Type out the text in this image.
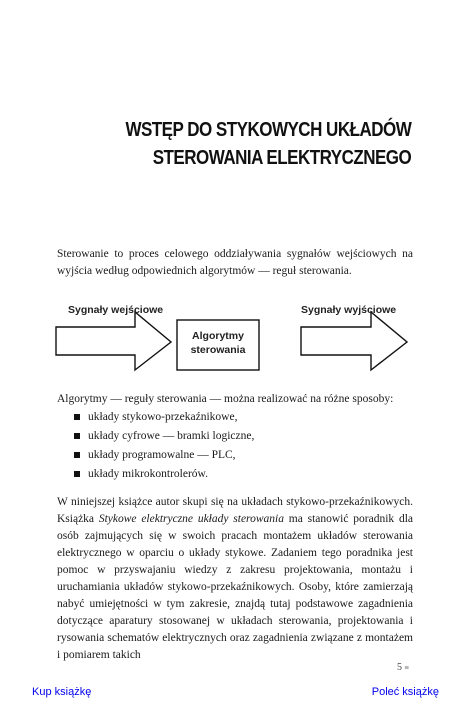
WSTĘP DO STYKOWYCH UKŁADÓW
STEROWANIA ELEKTRYCZNEGO
Sterowanie to proces celowego oddziaływania sygnałów wejściowych na wyjścia według odpowiednich algorytmów — reguł sterowania.
Sygnały wejściowe	Sygnały wyjściowe
Algorytmy
sterowania
Algorytmy — reguły sterowania — można realizować na różne sposoby:
układy stykowo-przekaźnikowe,
układy cyfrowe — bramki logiczne,
układy programowalne — PLC,
układy mikrokontrolerów.

W niniejszej książce autor skupi się na układach stykowo-przekaźnikowych. Książka Stykowe elektryczne układy sterowania ma stanowić poradnik dla osób zajmujących się w swoich pracach montażem układów sterowania elektrycznego w oparciu o układy stykowe. Zadaniem tego poradnika jest pomoc w przyswajaniu wiedzy z zakresu projektowania, montażu i uruchamiania układów stykowo-przekaźnikowych. Osoby, które zamierzają nabyć umiejętności w tym zakresie, znajdą tutaj podstawowe zagadnienia dotyczące aparatury stosowanej w układach sterowania, projektowania i rysowania schematów elektrycznych oraz zagadnienia związane z montażem i pomiarem takich

5 ≡
Kup książkę	Poleć książkę
